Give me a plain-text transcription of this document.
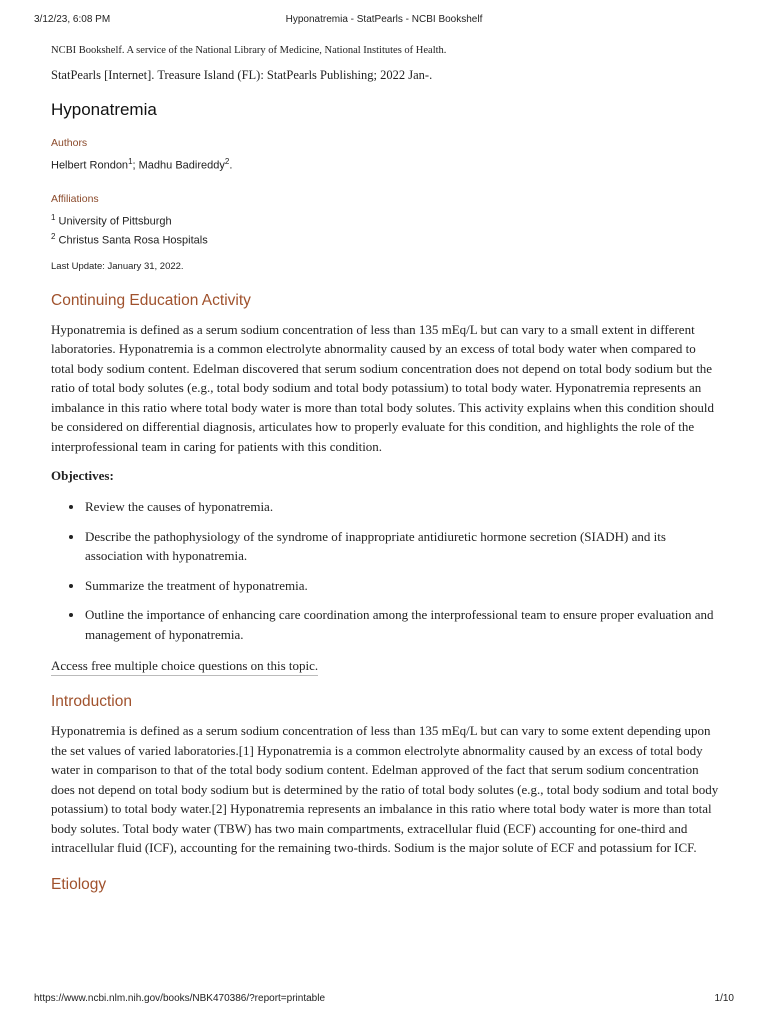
3/12/23, 6:08 PM	Hyponatremia - StatPearls - NCBI Bookshelf
NCBI Bookshelf. A service of the National Library of Medicine, National Institutes of Health.
StatPearls [Internet]. Treasure Island (FL): StatPearls Publishing; 2022 Jan-.
Hyponatremia
Authors
Helbert Rondon$^1$; Madhu Badireddy$^2$.
Affiliations
$^1$ University of Pittsburgh
$^2$ Christus Santa Rosa Hospitals
Last Update: January 31, 2022.
Continuing Education Activity

Hyponatremia is defined as a serum sodium concentration of less than 135 mEq/L but can vary to a small extent in different laboratories. Hyponatremia is a common electrolyte abnormality caused by an excess of total body water when compared to total body sodium content. Edelman discovered that serum sodium concentration does not depend on total body sodium but the ratio of total body solutes (e.g., total body sodium and total body potassium) to total body water. Hyponatremia represents an imbalance in this ratio where total body water is more than total body solutes. This activity explains when this condition should be considered on differential diagnosis, articulates how to properly evaluate for this condition, and highlights the role of the interprofessional team in caring for patients with this condition.

Objectives:
Review the causes of hyponatremia.
Describe the pathophysiology of the syndrome of inappropriate antidiuretic hormone secretion (SIADH) and its association with hyponatremia.
Summarize the treatment of hyponatremia.
Outline the importance of enhancing care coordination among the interprofessional team to ensure proper evaluation and management of hyponatremia.
Access free multiple choice questions on this topic.
Introduction

Hyponatremia is defined as a serum sodium concentration of less than 135 mEq/L but can vary to some extent depending upon the set values of varied laboratories.[1] Hyponatremia is a common electrolyte abnormality caused by an excess of total body water in comparison to that of the total body sodium content. Edelman approved of the fact that serum sodium concentration does not depend on total body sodium but is determined by the ratio of total body solutes (e.g., total body sodium and total body potassium) to total body water.[2] Hyponatremia represents an imbalance in this ratio where total body water is more than total body solutes. Total body water (TBW) has two main compartments, extracellular fluid (ECF) accounting for one-third and intracellular fluid (ICF), accounting for the remaining two-thirds. Sodium is the major solute of ECF and potassium for ICF.

Etiology
https://www.ncbi.nlm.nih.gov/books/NBK470386/?report=printable	1/10
